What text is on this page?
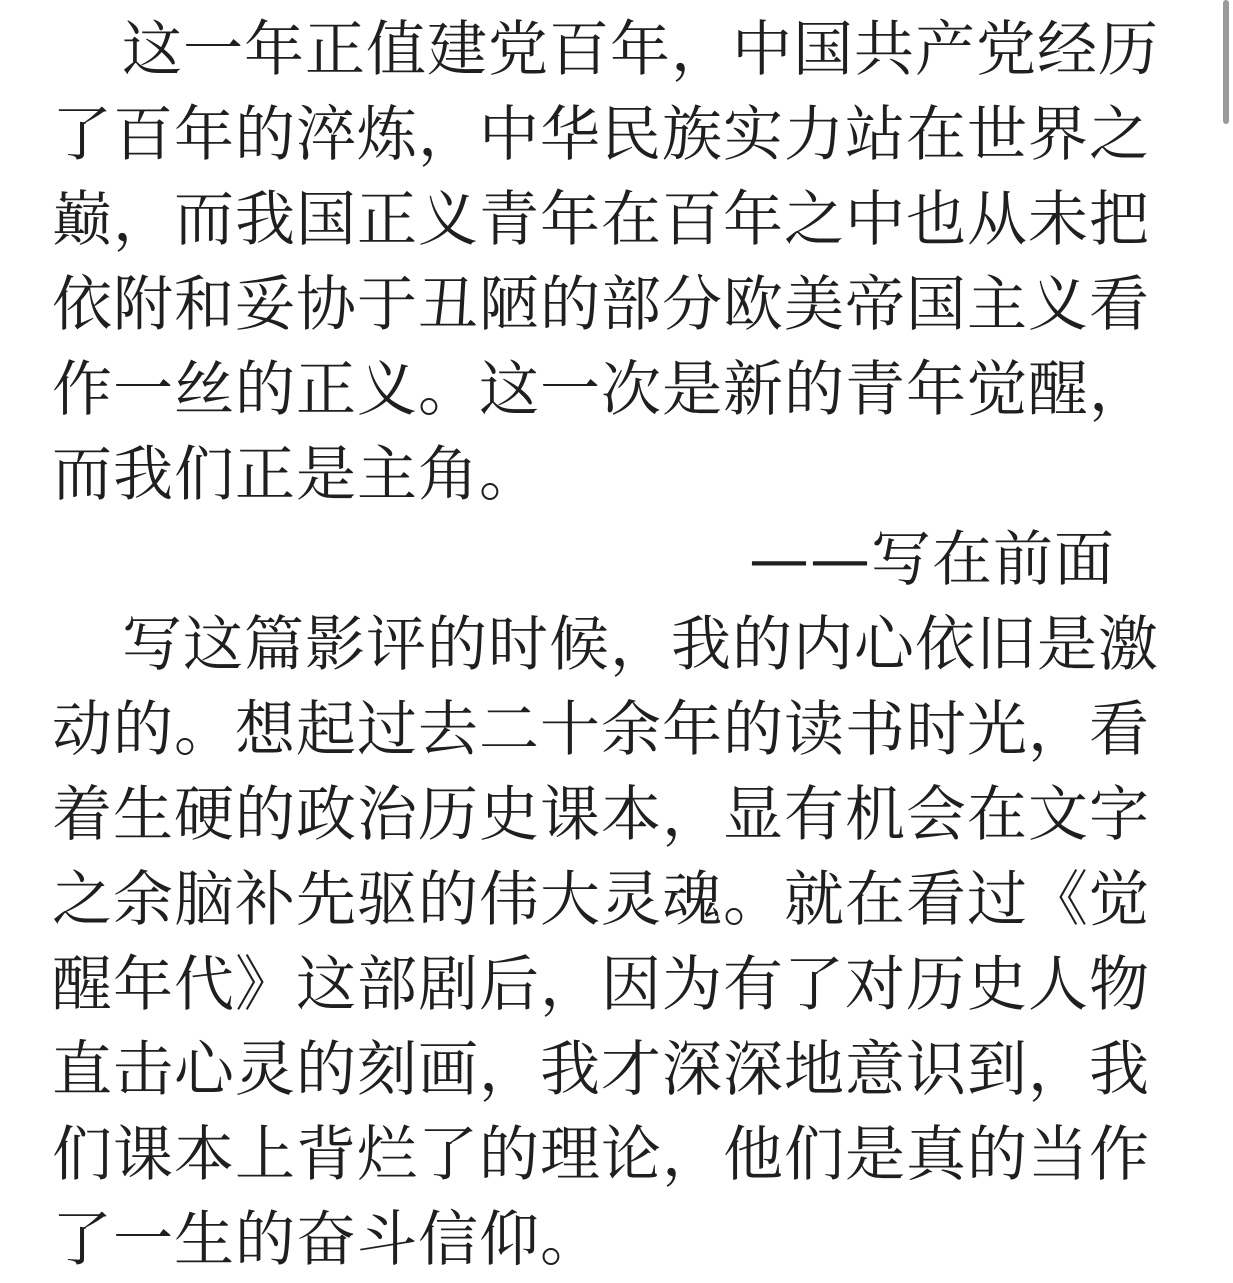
这一年正值建党百年，中国共产党经历
了百年的淬炼，中华民族实力站在世界之
巅，而我国正义青年在百年之中也从未把
依附和妥协于丑陋的部分欧美帝国主义看
作一丝的正义。这一次是新的青年觉醒，
而我们正是主角。
——写在前面
写这篇影评的时候，我的内心依旧是激
动的。想起过去二十余年的读书时光，看
着生硬的政治历史课本，显有机会在文字
之余脑补先驱的伟大灵魂。就在看过《觉
醒年代》这部剧后，因为有了对历史人物
直击心灵的刻画，我才深深地意识到，我
们课本上背烂了的理论，他们是真的当作
了一生的奋斗信仰。
